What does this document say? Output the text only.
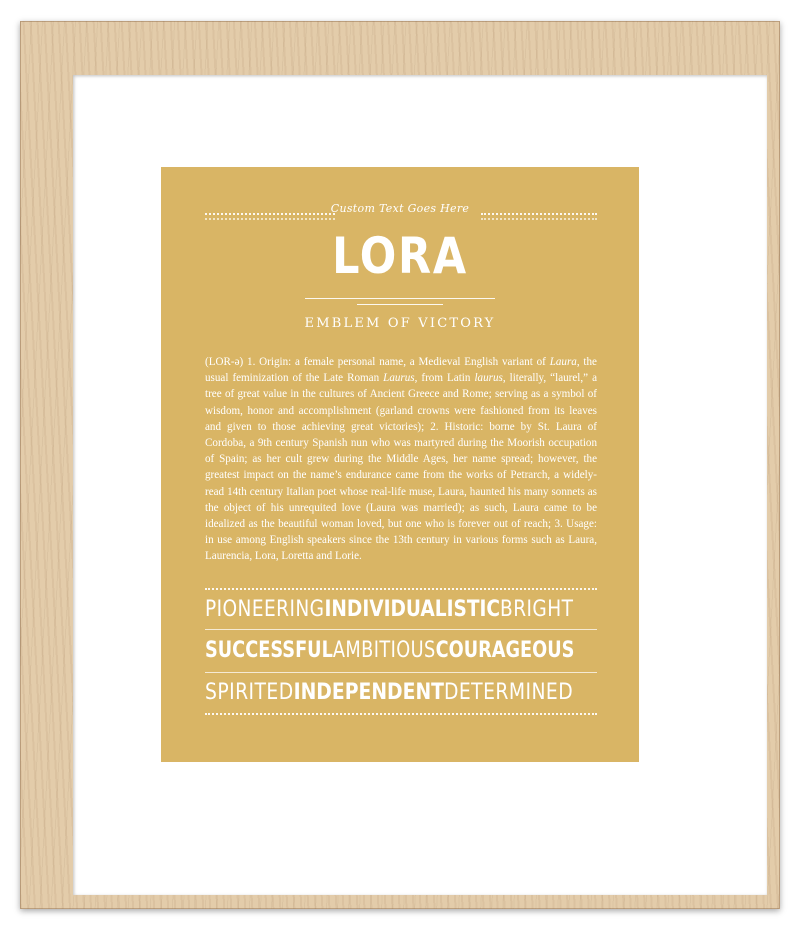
Custom Text Goes Here
LORA
EMBLEM OF VICTORY
(LOR-ə) 1. Origin: a female personal name, a Medieval English variant of Laura, the usual feminization of the Late Roman Laurus, from Latin laurus, literally, “laurel,” a tree of great value in the cultures of Ancient Greece and Rome; serving as a symbol of wisdom, honor and accomplishment (garland crowns were fashioned from its leaves and given to those achieving great victories); 2. Historic: borne by St. Laura of Cordoba, a 9th century Spanish nun who was martyred during the Moorish occupation of Spain; as her cult grew during the Middle Ages, her name spread; however, the greatest impact on the name’s endurance came from the works of Petrarch, a widely-read 14th century Italian poet whose real-life muse, Laura, haunted his many sonnets as the object of his unrequited love (Laura was married); as such, Laura came to be idealized as the beautiful woman loved, but one who is forever out of reach; 3. Usage: in use among English speakers since the 13th century in various forms such as Laura, Laurencia, Lora, Loretta and Lorie.
PIONEERING INDIVIDUALISTIC BRIGHT
SUCCESSFUL AMBITIOUS COURAGEOUS
SPIRITED INDEPENDENT DETERMINED
